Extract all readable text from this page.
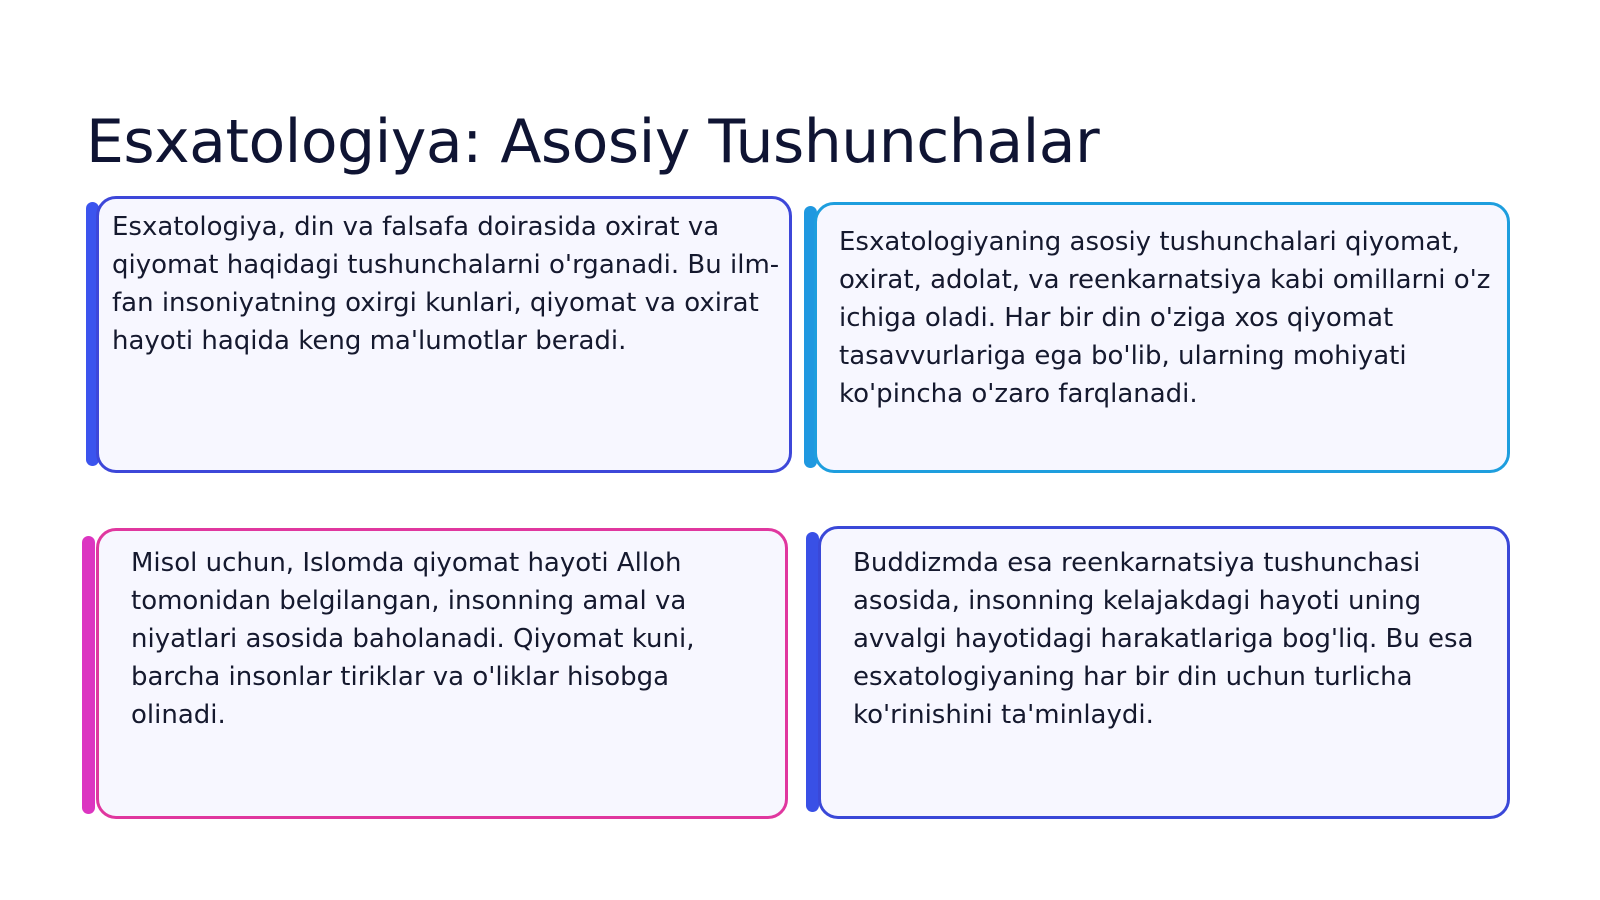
Esxatologiya: Asosiy Tushunchalar

Esxatologiya, din va falsafa doirasida oxirat va qiyomat haqidagi tushunchalarni o'rganadi. Bu ilm-fan insoniyatning oxirgi kunlari, qiyomat va oxirat hayoti haqida keng ma'lumotlar beradi.

Esxatologiyaning asosiy tushunchalari qiyomat, oxirat, adolat, va reenkarnatsiya kabi omillarni o'z ichiga oladi. Har bir din o'ziga xos qiyomat tasavvurlariga ega bo'lib, ularning mohiyati ko'pincha o'zaro farqlanadi.

Misol uchun, Islomda qiyomat hayoti Alloh tomonidan belgilangan, insonning amal va niyatlari asosida baholanadi. Qiyomat kuni, barcha insonlar tiriklar va o'liklar hisobga olinadi.

Buddizmda esa reenkarnatsiya tushunchasi asosida, insonning kelajakdagi hayoti uning avvalgi hayotidagi harakatlariga bog'liq. Bu esa esxatologiyaning har bir din uchun turlicha ko'rinishini ta'minlaydi.
